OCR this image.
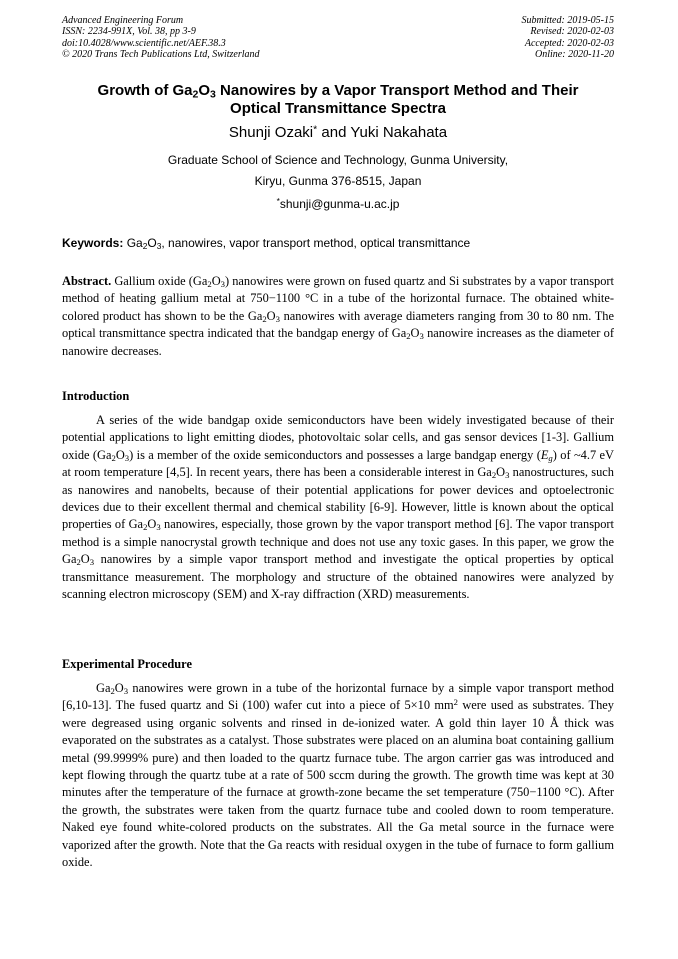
Advanced Engineering Forum
ISSN: 2234-991X, Vol. 38, pp 3-9
doi:10.4028/www.scientific.net/AEF.38.3
© 2020 Trans Tech Publications Ltd, Switzerland
Submitted: 2019-05-15
Revised: 2020-02-03
Accepted: 2020-02-03
Online: 2020-11-20
Growth of $Ga_2O_3$ Nanowires by a Vapor Transport Method and Their
Optical Transmittance Spectra
Shunji Ozaki* and Yuki Nakahata
Graduate School of Science and Technology, Gunma University,
Kiryu, Gunma 376-8515, Japan
*shunji@gunma-u.ac.jp
Keywords: $Ga_2O_3$, nanowires, vapor transport method, optical transmittance
Abstract. Gallium oxide $(Ga_2O_3)$ nanowires were grown on fused quartz and Si substrates by a vapor transport method of heating gallium metal at 750−1100 °C in a tube of the horizontal furnace. The obtained white-colored product has shown to be the $Ga_2O_3$ nanowires with average diameters ranging from 30 to 80 nm. The optical transmittance spectra indicated that the bandgap energy of $Ga_2O_3$ nanowire increases as the diameter of nanowire decreases.
Introduction
A series of the wide bandgap oxide semiconductors have been widely investigated because of their potential applications to light emitting diodes, photovoltaic solar cells, and gas sensor devices [1-3]. Gallium oxide $(Ga_2O_3)$ is a member of the oxide semiconductors and possesses a large bandgap energy $(E_g)$ of ~4.7 eV at room temperature [4,5]. In recent years, there has been a considerable interest in $Ga_2O_3$ nanostructures, such as nanowires and nanobelts, because of their potential applications for power devices and optoelectronic devices due to their excellent thermal and chemical stability [6-9]. However, little is known about the optical properties of $Ga_2O_3$ nanowires, especially, those grown by the vapor transport method [6]. The vapor transport method is a simple nanocrystal growth technique and does not use any toxic gases. In this paper, we grow the $Ga_2O_3$ nanowires by a simple vapor transport method and investigate the optical properties by optical transmittance measurement. The morphology and structure of the obtained nanowires were analyzed by scanning electron microscopy (SEM) and X-ray diffraction (XRD) measurements.
Experimental Procedure
$Ga_2O_3$ nanowires were grown in a tube of the horizontal furnace by a simple vapor transport method [6,10-13]. The fused quartz and Si (100) wafer cut into a piece of 5×10 $mm^2$ were used as substrates. They were degreased using organic solvents and rinsed in de-ionized water. A gold thin layer 10 Å thick was evaporated on the substrates as a catalyst. Those substrates were placed on an alumina boat containing gallium metal (99.9999% pure) and then loaded to the quartz furnace tube. The argon carrier gas was introduced and kept flowing through the quartz tube at a rate of 500 sccm during the growth. The growth time was kept at 30 minutes after the temperature of the furnace at growth-zone became the set temperature (750−1100 °C). After the growth, the substrates were taken from the quartz furnace tube and cooled down to room temperature. Naked eye found white-colored products on the substrates. All the Ga metal source in the furnace were vaporized after the growth. Note that the Ga reacts with residual oxygen in the tube of furnace to form gallium oxide.
